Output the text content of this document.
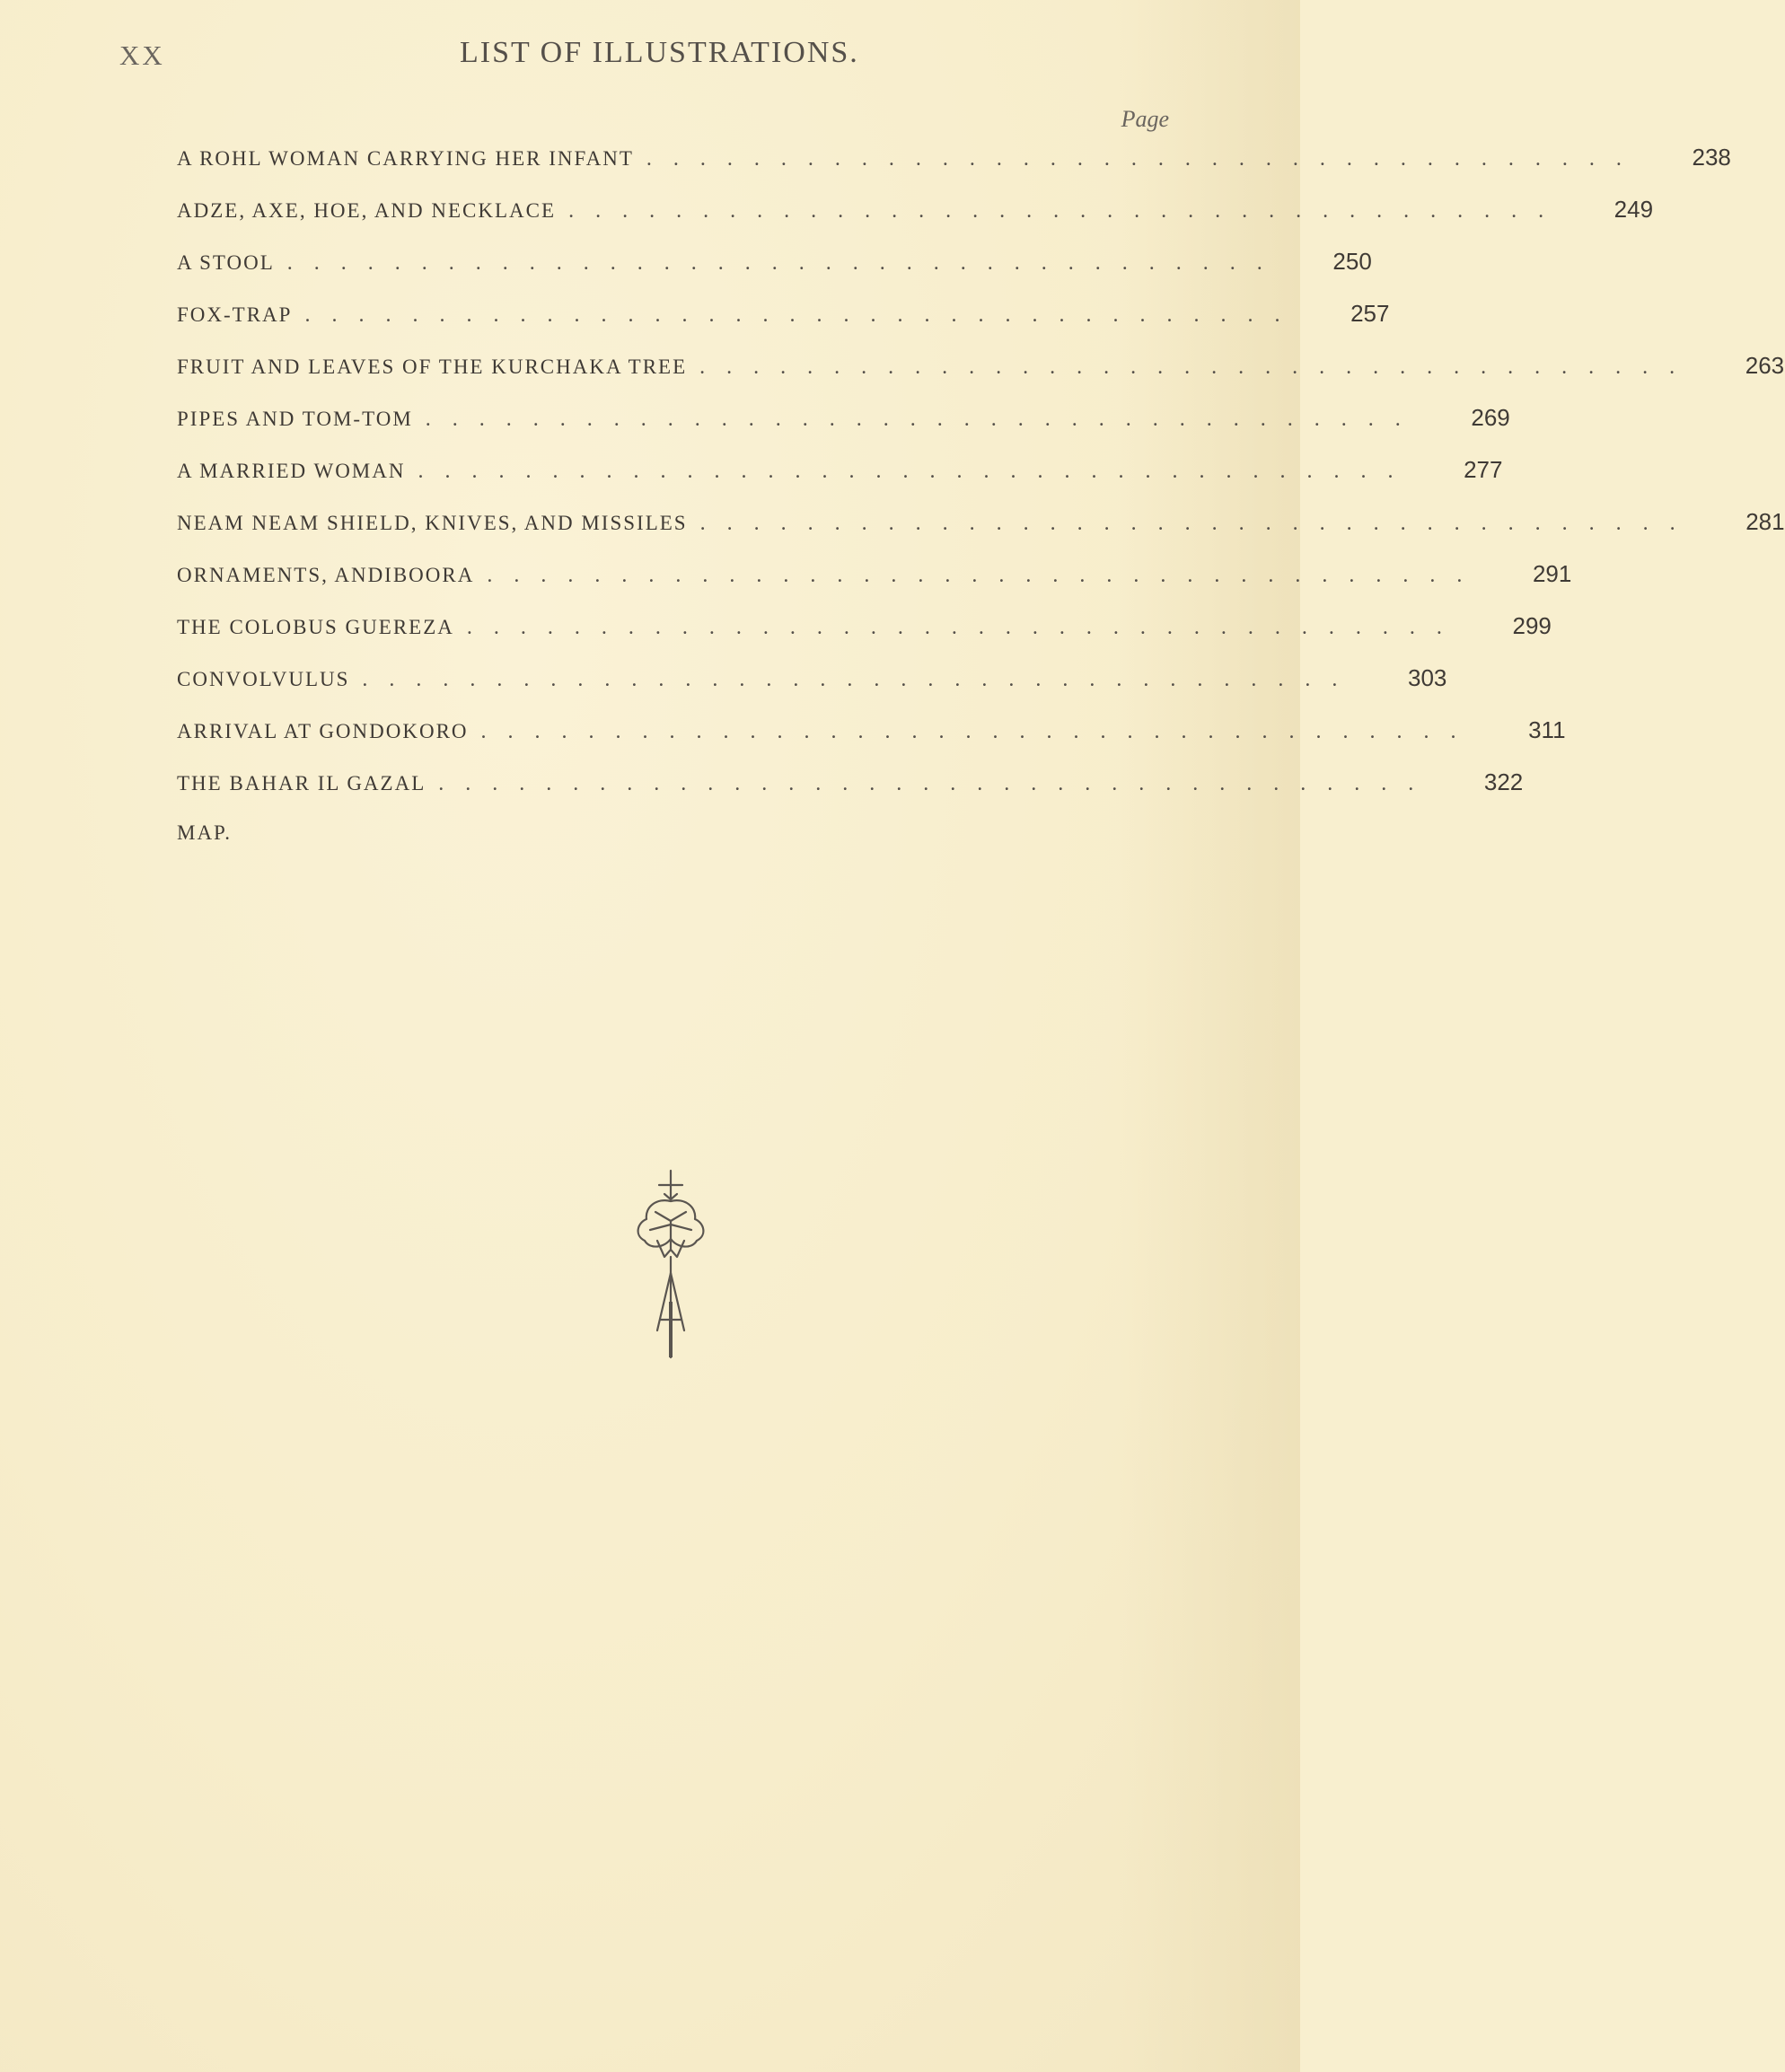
XX	LIST OF ILLUSTRATIONS.
Page
A ROHL WOMAN CARRYING HER INFANT .....................................	238
ADZE, AXE, HOE, AND NECKLACE .....................................	249
A STOOL .....................................	250
FOX-TRAP .....................................	257
FRUIT AND LEAVES OF THE KURCHAKA TREE .....................................	263
PIPES AND TOM-TOM .....................................	269
A MARRIED WOMAN .....................................	277
NEAM NEAM SHIELD, KNIVES, AND MISSILES .....................................	281
ORNAMENTS, ANDIBOORA .....................................	291
THE COLOBUS GUEREZA .....................................	299
CONVOLVULUS .....................................	303
ARRIVAL AT GONDOKORO .....................................	311
THE BAHAR IL GAZAL .....................................	322
MAP.
